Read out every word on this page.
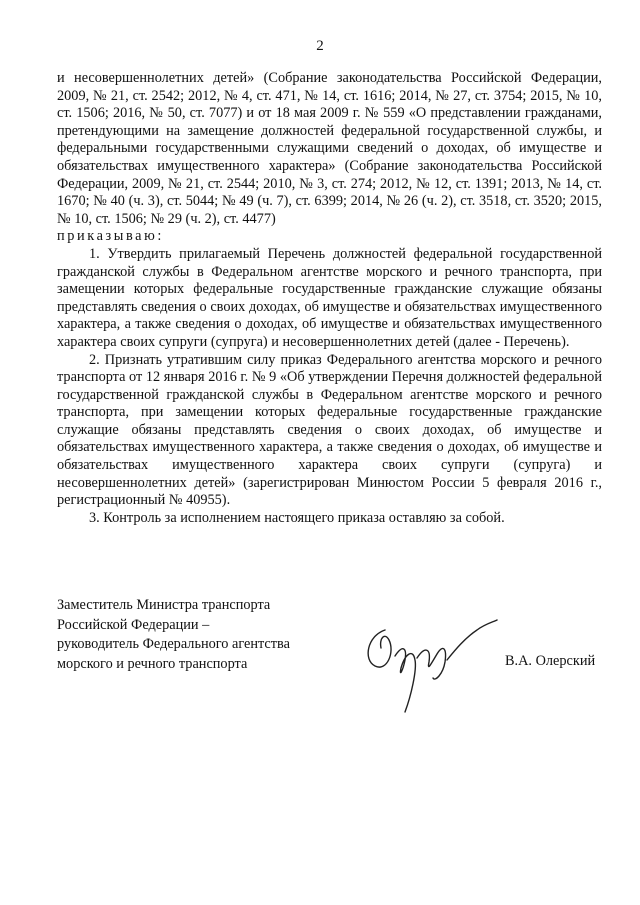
2

и несовершеннолетних детей» (Собрание законодательства Российской Федерации, 2009, № 21, ст. 2542; 2012, № 4, ст. 471, № 14, ст. 1616; 2014, № 27, ст. 3754; 2015, № 10, ст. 1506; 2016, № 50, ст. 7077) и от 18 мая 2009 г. № 559 «О представлении гражданами, претендующими на замещение должностей федеральной государственной службы, и федеральными государственными служащими сведений о доходах, об имуществе и обязательствах имущественного характера» (Собрание законодательства Российской Федерации, 2009, № 21, ст. 2544; 2010, № 3, ст. 274; 2012, № 12, ст. 1391; 2013, № 14, ст. 1670; № 40 (ч. 3), ст. 5044; № 49 (ч. 7), ст. 6399; 2014, № 26 (ч. 2), ст. 3518, ст. 3520; 2015, № 10, ст. 1506; № 29 (ч. 2), ст. 4477)

приказываю:

1. Утвердить прилагаемый Перечень должностей федеральной государственной гражданской службы в Федеральном агентстве морского и речного транспорта, при замещении которых федеральные государственные гражданские служащие обязаны представлять сведения о своих доходах, об имуществе и обязательствах имущественного характера, а также сведения о доходах, об имуществе и обязательствах имущественного характера своих супруги (супруга) и несовершеннолетних детей (далее - Перечень).

2. Признать утратившим силу приказ Федерального агентства морского и речного транспорта от 12 января 2016 г. № 9 «Об утверждении Перечня должностей федеральной государственной гражданской службы в Федеральном агентстве морского и речного транспорта, при замещении которых федеральные государственные гражданские служащие обязаны представлять сведения о своих доходах, об имуществе и обязательствах имущественного характера, а также сведения о доходах, об имуществе и обязательствах имущественного характера своих супруги (супруга) и несовершеннолетних детей» (зарегистрирован Минюстом России 5 февраля 2016 г., регистрационный № 40955).

3. Контроль за исполнением настоящего приказа оставляю за собой.

Заместитель Министра транспорта
Российской Федерации –
руководитель Федерального агентства
морского и речного транспорта	В.А. Олерский
